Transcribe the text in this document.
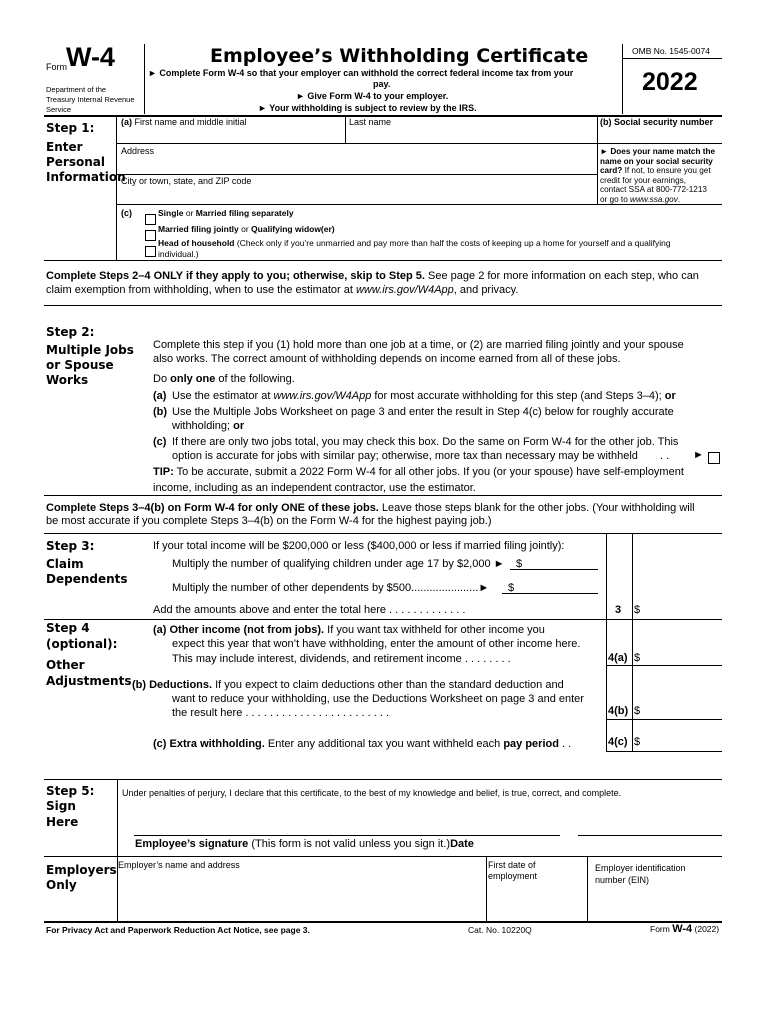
Form W-4
Department of the
Treasury Internal Revenue
Service
Employee’s Withholding Certificate
► Complete Form W-4 so that your employer can withhold the correct federal income tax from your
pay.
► Give Form W-4 to your employer.
► Your withholding is subject to review by the IRS.
OMB No. 1545-0074
2022
Step 1:
Enter
Personal
Information
(a) First name and middle initial	Last name	(b) Social security number
Address
City or town, state, and ZIP code
► Does your name match the
name on your social security
card? If not, to ensure you get
credit for your earnings,
contact SSA at 800-772-1213
or go to www.ssa.gov.
(c)	Single or Married filing separately
Married filing jointly or Qualifying widow(er)
Head of household (Check only if you’re unmarried and pay more than half the costs of keeping up a home for yourself and a qualifying
individual.)
Complete Steps 2–4 ONLY if they apply to you; otherwise, skip to Step 5. See page 2 for more information on each step, who can
claim exemption from withholding, when to use the estimator at www.irs.gov/W4App, and privacy.
Step 2:
Multiple Jobs
or Spouse
Works
Complete this step if you (1) hold more than one job at a time, or (2) are married filing jointly and your spouse
also works. The correct amount of withholding depends on income earned from all of these jobs.
Do only one of the following.
(a) Use the estimator at www.irs.gov/W4App for most accurate withholding for this step (and Steps 3–4); or
(b) Use the Multiple Jobs Worksheet on page 3 and enter the result in Step 4(c) below for roughly accurate
withholding; or
(c) If there are only two jobs total, you may check this box. Do the same on Form W-4 for the other job. This
option is accurate for jobs with similar pay; otherwise, more tax than necessary may be withheld . . ►
TIP: To be accurate, submit a 2022 Form W-4 for all other jobs. If you (or your spouse) have self-employment
income, including as an independent contractor, use the estimator.
Complete Steps 3–4(b) on Form W-4 for only ONE of these jobs. Leave those steps blank for the other jobs. (Your withholding will
be most accurate if you complete Steps 3–4(b) on the Form W-4 for the highest paying job.)
Step 3:
Claim
Dependents
If your total income will be $200,000 or less ($400,000 or less if married filing jointly):
Multiply the number of qualifying children under age 17 by $2,000 ► $
Multiply the number of other dependents by $500......................► $
Add the amounts above and enter the total here . . . . . . . . . . . . .	3 $
Step 4
(optional):
Other
Adjustments
(a) Other income (not from jobs). If you want tax withheld for other income you
expect this year that won’t have withholding, enter the amount of other income here.
This may include interest, dividends, and retirement income . . . . . . . .	4(a) $
(b) Deductions. If you expect to claim deductions other than the standard deduction and
want to reduce your withholding, use the Deductions Worksheet on page 3 and enter
the result here . . . . . . . . . . . . . . . . . . . . . . . .	4(b) $
(c) Extra withholding. Enter any additional tax you want withheld each pay period . .	4(c) $
Step 5:
Sign
Here
Under penalties of perjury, I declare that this certificate, to the best of my knowledge and belief, is true, correct, and complete.
Employee’s signature (This form is not valid unless you sign it.)Date
Employers
Only
Employer’s name and address	First date of
employment
Employer identification
number (EIN)
For Privacy Act and Paperwork Reduction Act Notice, see page 3.	Cat. No. 10220Q	Form W-4 (2022)
